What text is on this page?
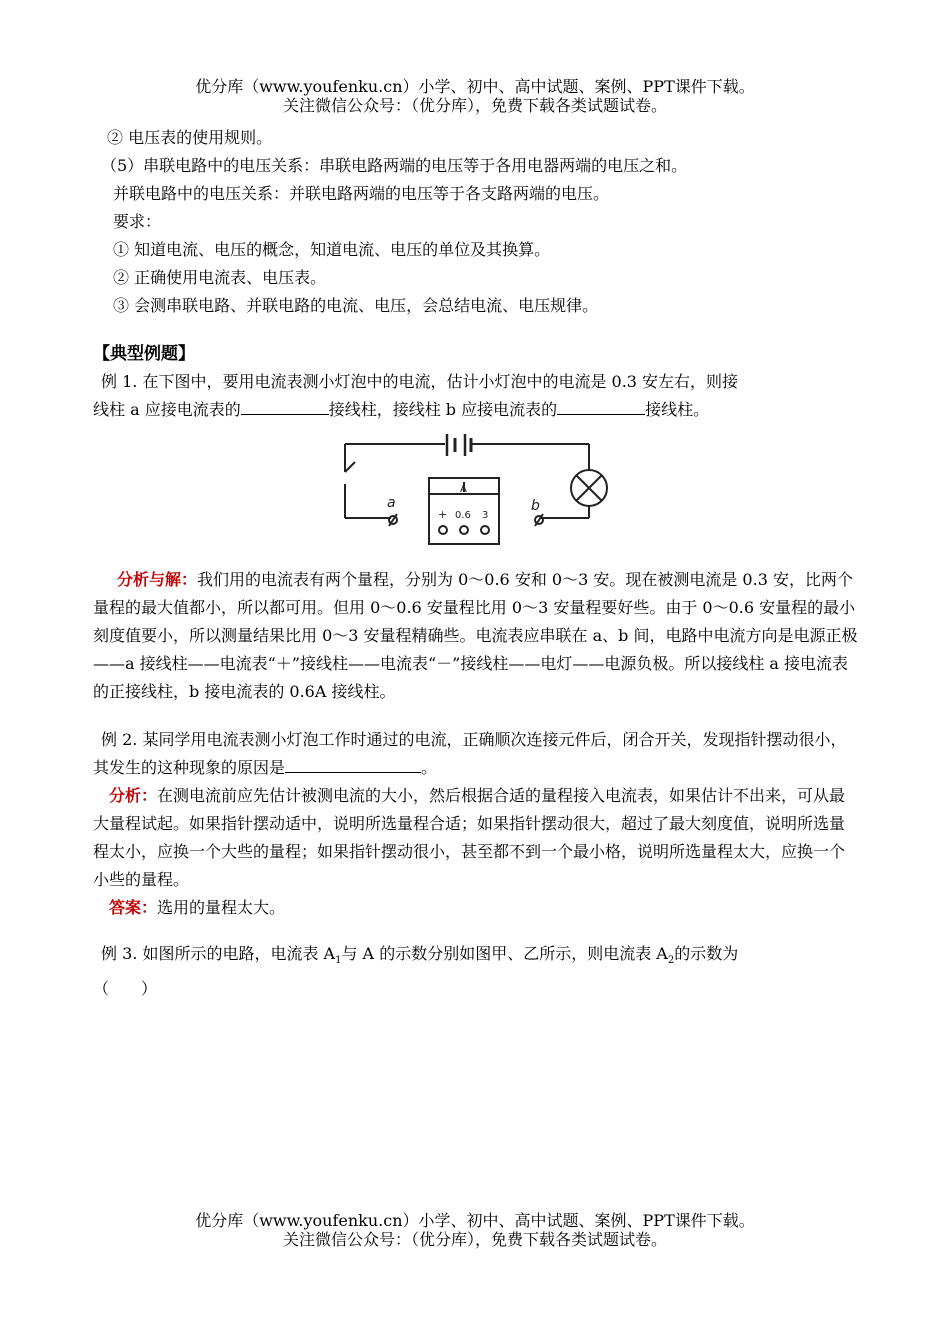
优分库（www.youfenku.cn）小学、初中、高中试题、案例、PPT课件下载。
关注微信公众号：（优分库），免费下载各类试题试卷。
② 电压表的使用规则。
（5）串联电路中的电压关系：串联电路两端的电压等于各用电器两端的电压之和。
并联电路中的电压关系：并联电路两端的电压等于各支路两端的电压。
要求：
① 知道电流、电压的概念，知道电流、电压的单位及其换算。
② 正确使用电流表、电压表。
③ 会测串联电路、并联电路的电流、电压，会总结电流、电压规律。
【典型例题】
例 1. 在下图中，要用电流表测小灯泡中的电流，估计小灯泡中的电流是 0.3 安左右，则接
线柱 a 应接电流表的	接线柱，接线柱 b 应接电流表的	接线柱。
A
+ 0.6 3
a	b
分析与解：我们用的电流表有两个量程，分别为 0～0.6 安和 0～3 安。现在被测电流是 0.3 安，比两个量程的最大值都小，所以都可用。但用 0～0.6 安量程比用 0～3 安量程要好些。由于 0～0.6 安量程的最小刻度值要小，所以测量结果比用 0～3 安量程精确些。电流表应串联在 a、b 间，电路中电流方向是电源正极——a 接线柱——电流表“＋”接线柱——电流表“－”接线柱——电灯——电源负极。所以接线柱 a 接电流表的正接线柱，b 接电流表的 0.6A 接线柱。
例 2. 某同学用电流表测小灯泡工作时通过的电流，正确顺次连接元件后，闭合开关，发现指针摆动很小，其发生的这种现象的原因是	。
分析：在测电流前应先估计被测电流的大小，然后根据合适的量程接入电流表，如果估计不出来，可从最大量程试起。如果指针摆动适中，说明所选量程合适；如果指针摆动很大，超过了最大刻度值，说明所选量程太小，应换一个大些的量程；如果指针摆动很小，甚至都不到一个最小格，说明所选量程太大，应换一个小些的量程。
答案：选用的量程太大。
例 3. 如图所示的电路，电流表 $A_1$与 A 的示数分别如图甲、乙所示，则电流表 $A_2$的示数为
（　　）
优分库（www.youfenku.cn）小学、初中、高中试题、案例、PPT课件下载。
关注微信公众号：（优分库），免费下载各类试题试卷。
